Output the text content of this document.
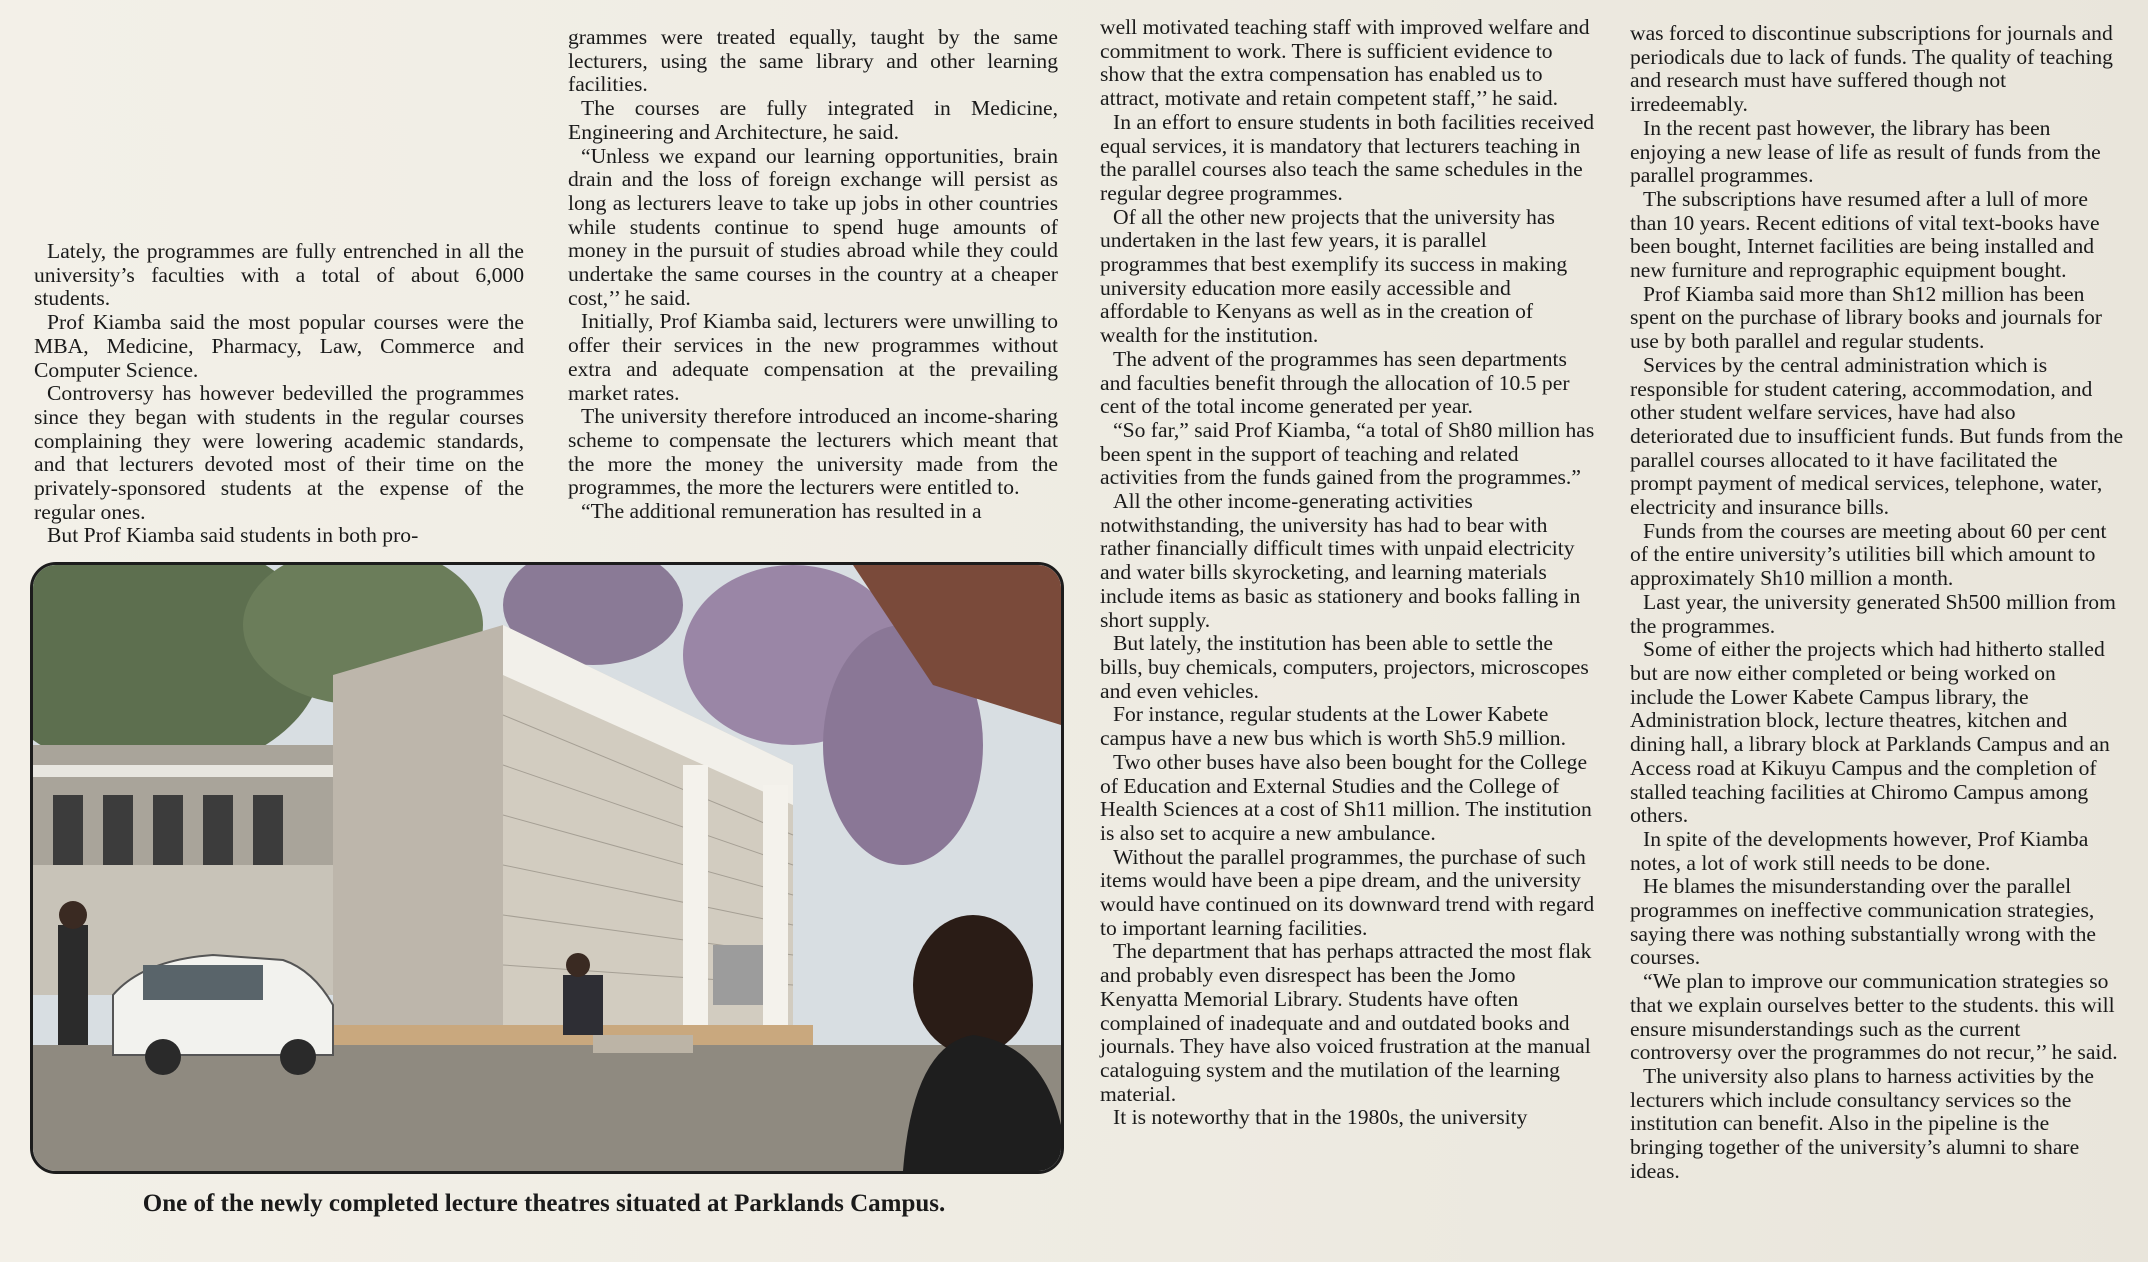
Lately, the programmes are fully entrenched in all the university’s faculties with a total of about 6,000 students.

Prof Kiamba said the most popular courses were the MBA, Medicine, Pharmacy, Law, Commerce and Computer Science.

Controversy has however bedevilled the programmes since they began with students in the regular courses complaining they were lowering academic standards, and that lecturers devoted most of their time on the privately-sponsored students at the expense of the regular ones.

But Prof Kiamba said students in both pro-

grammes were treated equally, taught by the same lecturers, using the same library and other learning facilities.

The courses are fully integrated in Medicine, Engineering and Architecture, he said.

“Unless we expand our learning opportunities, brain drain and the loss of foreign exchange will persist as long as lecturers leave to take up jobs in other countries while students continue to spend huge amounts of money in the pursuit of studies abroad while they could undertake the same courses in the country at a cheaper cost,’’ he said.

Initially, Prof Kiamba said, lecturers were unwilling to offer their services in the new programmes without extra and adequate compensation at the prevailing market rates.

The university therefore introduced an income-sharing scheme to compensate the lecturers which meant that the more the money the university made from the programmes, the more the lecturers were entitled to.

“The additional remuneration has resulted in a

One of the newly completed lecture theatres situated at Parklands Campus.

well motivated teaching staff with improved welfare and commitment to work. There is sufficient evidence to show that the extra compensation has enabled us to attract, motivate and retain competent staff,’’ he said.

In an effort to ensure students in both facilities received equal services, it is mandatory that lecturers teaching in the parallel courses also teach the same schedules in the regular degree programmes.

Of all the other new projects that the university has undertaken in the last few years, it is parallel programmes that best exemplify its success in making university education more easily accessible and affordable to Kenyans as well as in the creation of wealth for the institution.

The advent of the programmes has seen departments and faculties benefit through the allocation of 10.5 per cent of the total income generated per year.

“So far,” said Prof Kiamba, “a total of Sh80 million has been spent in the support of teaching and related activities from the funds gained from the programmes.”

All the other income-generating activities notwithstanding, the university has had to bear with rather financially difficult times with unpaid electricity and water bills skyrocketing, and learning materials include items as basic as stationery and books falling in short supply.

But lately, the institution has been able to settle the bills, buy chemicals, computers, projectors, microscopes and even vehicles.

For instance, regular students at the Lower Kabete campus have a new bus which is worth Sh5.9 million.

Two other buses have also been bought for the College of Education and External Studies and the College of Health Sciences at a cost of Sh11 million. The institution is also set to acquire a new ambulance.

Without the parallel programmes, the purchase of such items would have been a pipe dream, and the university would have continued on its downward trend with regard to important learning facilities.

The department that has perhaps attracted the most flak and probably even disrespect has been the Jomo Kenyatta Memorial Library. Students have often complained of inadequate and and outdated books and journals. They have also voiced frustration at the manual cataloguing system and the mutilation of the learning material.

It is noteworthy that in the 1980s, the university

was forced to discontinue subscriptions for journals and periodicals due to lack of funds. The quality of teaching and research must have suffered though not irredeemably.

In the recent past however, the library has been enjoying a new lease of life as result of funds from the parallel programmes.

The subscriptions have resumed after a lull of more than 10 years. Recent editions of vital text-books have been bought, Internet facilities are being installed and new furniture and reprographic equipment bought.

Prof Kiamba said more than Sh12 million has been spent on the purchase of library books and journals for use by both parallel and regular students.

Services by the central administration which is responsible for student catering, accommodation, and other student welfare services, have had also deteriorated due to insufficient funds. But funds from the parallel courses allocated to it have facilitated the prompt payment of medical services, telephone, water, electricity and insurance bills.

Funds from the courses are meeting about 60 per cent of the entire university’s utilities bill which amount to approximately Sh10 million a month.

Last year, the university generated Sh500 million from the programmes.

Some of either the projects which had hitherto stalled but are now either completed or being worked on include the Lower Kabete Campus library, the Administration block, lecture theatres, kitchen and dining hall, a library block at Parklands Campus and an Access road at Kikuyu Campus and the completion of stalled teaching facilities at Chiromo Campus among others.

In spite of the developments however, Prof Kiamba notes, a lot of work still needs to be done.

He blames the misunderstanding over the parallel programmes on ineffective communication strategies, saying there was nothing substantially wrong with the courses.

“We plan to improve our communication strategies so that we explain ourselves better to the students. this will ensure misunderstandings such as the current controversy over the programmes do not recur,’’ he said.

The university also plans to harness activities by the lecturers which include consultancy services so the institution can benefit. Also in the pipeline is the bringing together of the university’s alumni to share ideas.
